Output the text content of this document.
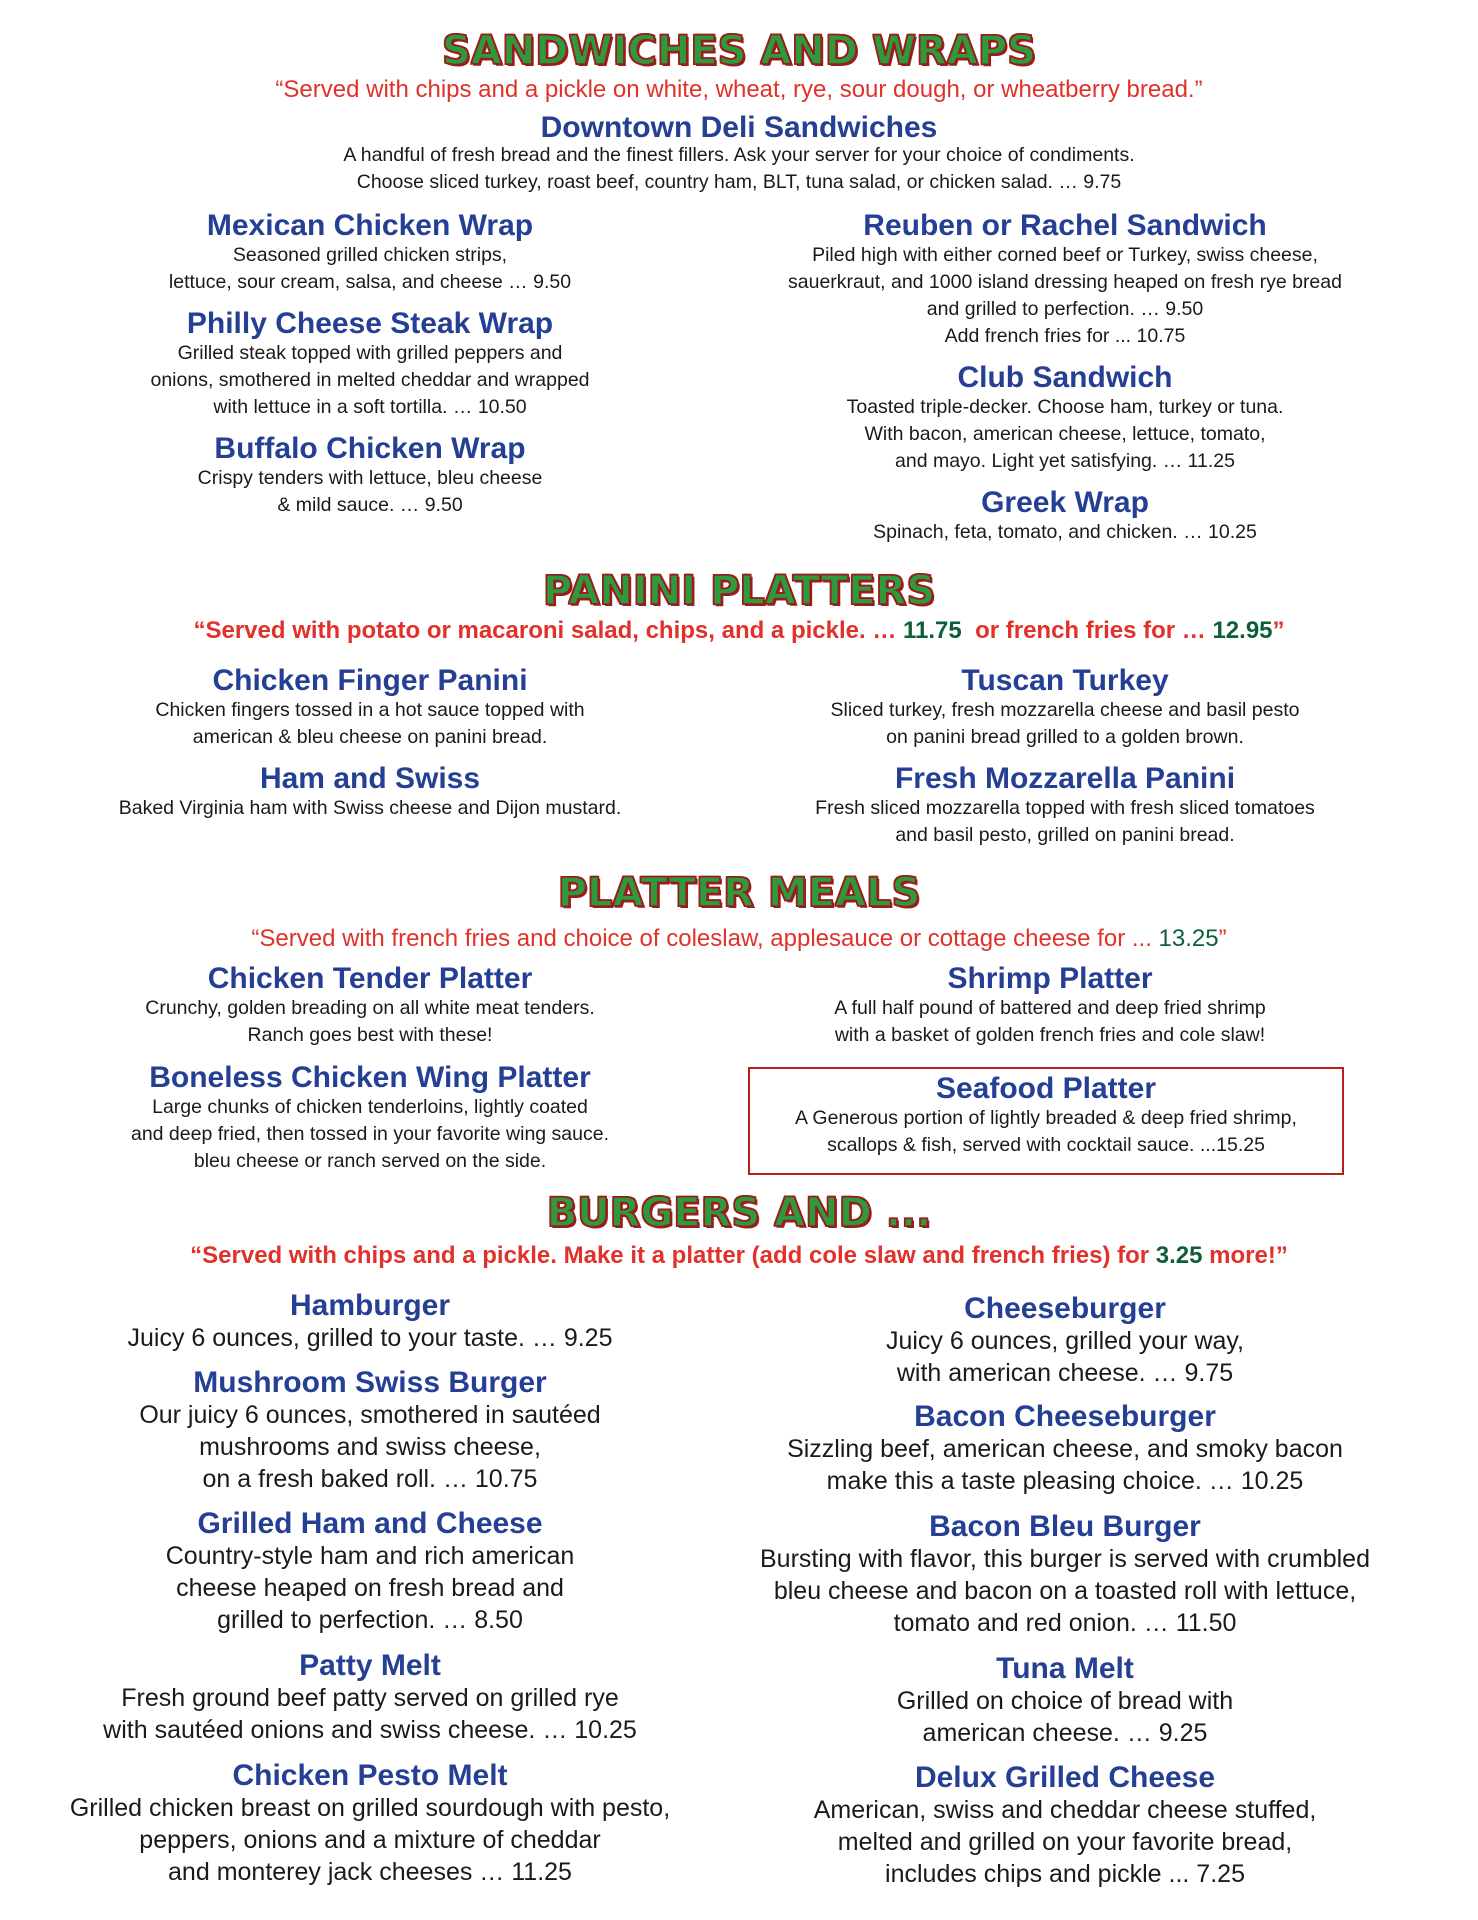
SANDWICHES AND WRAPS

“Served with chips and a pickle on white, wheat, rye, sour dough, or wheatberry bread.”

Downtown Deli Sandwiches

A handful of fresh bread and the finest fillers. Ask your server for your choice of condiments.

Choose sliced turkey, roast beef, country ham, BLT, tuna salad, or chicken salad. … 9.75

Mexican Chicken Wrap

Seasoned grilled chicken strips,

lettuce, sour cream, salsa, and cheese … 9.50

Philly Cheese Steak Wrap

Grilled steak topped with grilled peppers and

onions, smothered in melted cheddar and wrapped

with lettuce in a soft tortilla. … 10.50

Buffalo Chicken Wrap

Crispy tenders with lettuce, bleu cheese

& mild sauce. … 9.50

Reuben or Rachel Sandwich

Piled high with either corned beef or Turkey, swiss cheese,

sauerkraut, and 1000 island dressing heaped on fresh rye bread

and grilled to perfection. … 9.50

Add french fries for ... 10.75

Club Sandwich

Toasted triple-decker. Choose ham, turkey or tuna.

With bacon, american cheese, lettuce, tomato,

and mayo. Light yet satisfying. … 11.25

Greek Wrap

Spinach, feta, tomato, and chicken. … 10.25

PANINI PLATTERS

“Served with potato or macaroni salad, chips, and a pickle. … 11.75  or french fries for … 12.95”

Chicken Finger Panini

Chicken fingers tossed in a hot sauce topped with

american & bleu cheese on panini bread.

Ham and Swiss

Baked Virginia ham with Swiss cheese and Dijon mustard.

Tuscan Turkey

Sliced turkey, fresh mozzarella cheese and basil pesto

on panini bread grilled to a golden brown.

Fresh Mozzarella Panini

Fresh sliced mozzarella topped with fresh sliced tomatoes

and basil pesto, grilled on panini bread.

PLATTER MEALS

“Served with french fries and choice of coleslaw, applesauce or cottage cheese for ... 13.25”

Chicken Tender Platter

Crunchy, golden breading on all white meat tenders.

Ranch goes best with these!

Boneless Chicken Wing Platter

Large chunks of chicken tenderloins, lightly coated

and deep fried, then tossed in your favorite wing sauce.

bleu cheese or ranch served on the side.

Shrimp Platter

A full half pound of battered and deep fried shrimp

with a basket of golden french fries and cole slaw!

Seafood Platter

A Generous portion of lightly breaded & deep fried shrimp,

scallops & fish, served with cocktail sauce. ...15.25

BURGERS AND ...

“Served with chips and a pickle. Make it a platter (add cole slaw and french fries) for 3.25 more!”

Hamburger

Juicy 6 ounces, grilled to your taste. … 9.25

Mushroom Swiss Burger

Our juicy 6 ounces, smothered in sautéed

mushrooms and swiss cheese,

on a fresh baked roll. … 10.75

Grilled Ham and Cheese

Country-style ham and rich american

cheese heaped on fresh bread and

grilled to perfection. … 8.50

Patty Melt

Fresh ground beef patty served on grilled rye

with sautéed onions and swiss cheese. … 10.25

Chicken Pesto Melt

Grilled chicken breast on grilled sourdough with pesto,

peppers, onions and a mixture of cheddar

and monterey jack cheeses … 11.25

Cheeseburger

Juicy 6 ounces, grilled your way,

with american cheese. … 9.75

Bacon Cheeseburger

Sizzling beef, american cheese, and smoky bacon

make this a taste pleasing choice. … 10.25

Bacon Bleu Burger

Bursting with flavor, this burger is served with crumbled

bleu cheese and bacon on a toasted roll with lettuce,

tomato and red onion. … 11.50

Tuna Melt

Grilled on choice of bread with

american cheese. … 9.25

Delux Grilled Cheese

American, swiss and cheddar cheese stuffed,

melted and grilled on your favorite bread,

includes chips and pickle ... 7.25
